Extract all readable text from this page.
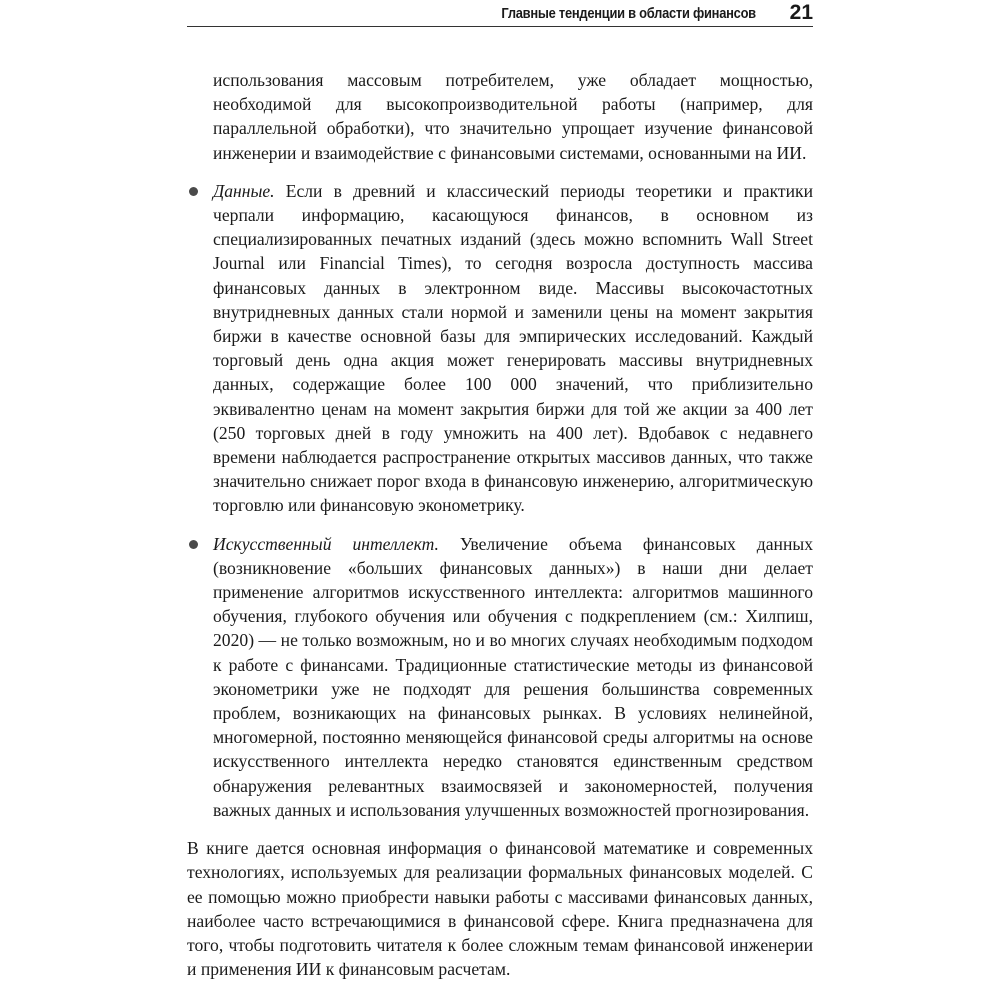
Главные тенденции в области финансов 21

использования массовым потребителем, уже обладает мощностью, необходимой для высокопроизводительной работы (например, для параллельной обработки), что значительно упрощает изучение финансовой инженерии и взаимодействие с финансовыми системами, основанными на ИИ.

Данные. Если в древний и классический периоды теоретики и практики черпали информацию, касающуюся финансов, в основном из специализированных печатных изданий (здесь можно вспомнить Wall Street Journal или Financial Times), то сегодня возросла доступность массива финансовых данных в электронном виде. Массивы высокочастотных внутридневных данных стали нормой и заменили цены на момент закрытия биржи в качестве основной базы для эмпирических исследований. Каждый торговый день одна акция может генерировать массивы внутридневных данных, содержащие более 100 000 значений, что приблизительно эквивалентно ценам на момент закрытия биржи для той же акции за 400 лет (250 торговых дней в году умножить на 400 лет). Вдобавок с недавнего времени наблюдается распространение открытых массивов данных, что также значительно снижает порог входа в финансовую инженерию, алгоритмическую торговлю или финансовую эконометрику.
Искусственный интеллект. Увеличение объема финансовых данных (возникновение «больших финансовых данных») в наши дни делает применение алгоритмов искусственного интеллекта: алгоритмов машинного обучения, глубокого обучения или обучения с подкреплением (см.: Хилпиш, 2020) — не только возможным, но и во многих случаях необходимым подходом к работе с финансами. Традиционные статистические методы из финансовой эконометрики уже не подходят для решения большинства современных проблем, возникающих на финансовых рынках. В условиях нелинейной, многомерной, постоянно меняющейся финансовой среды алгоритмы на основе искусственного интеллекта нередко становятся единственным средством обнаружения релевантных взаимосвязей и закономерностей, получения важных данных и использования улучшенных возможностей прогнозирования.

В книге дается основная информация о финансовой математике и современных технологиях, используемых для реализации формальных финансовых моделей. С ее помощью можно приобрести навыки работы с массивами финансовых данных, наиболее часто встречающимися в финансовой сфере. Книга предназначена для того, чтобы подготовить читателя к более сложным темам финансовой инженерии и применения ИИ к финансовым расчетам.
